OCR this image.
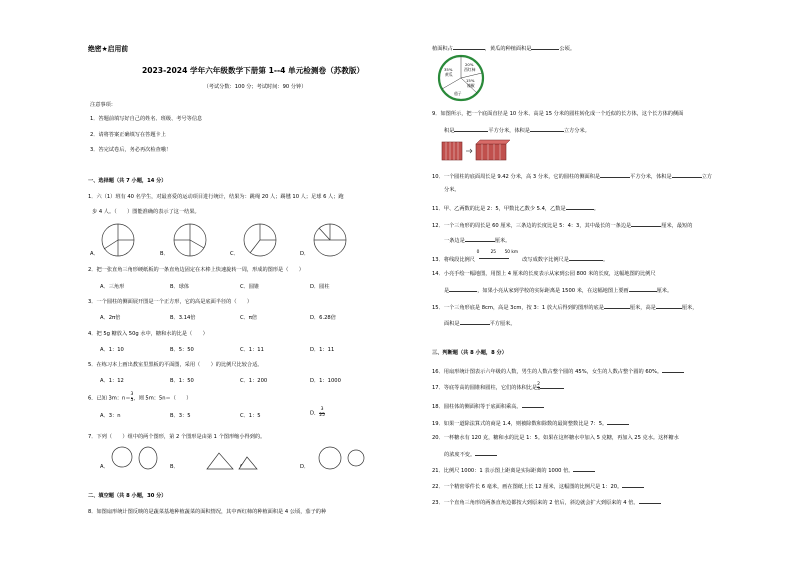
绝密★启用前
2023-2024 学年六年级数学下册第 1--4 单元检测卷（苏教版）
（考试分数：100 分；考试时间：90 分钟）
注意事项：
1．答题前填写好自己的姓名、班级、考号等信息
2．请将答案正确填写在答题卡上
3．答完试卷后，务必再次检查哦！
一、选择题（共 7 小题，14 分）
1．六（1）班有 40 名学生，对最喜爱的运动项目进行统计，结果为：跳绳 20 人；踢毽 10 人；足球 6 人；跑
步 4 人。（　　）图能准确的表示了这一结果。
A．	B．	C．	D．
2．把一张直角三角形硬纸板的一条直角边固定在木棒上快速旋转一周，形成的图形是（　　）
A．三角形	B．球体	C．圆锥	D．圆柱
3．一个圆柱的侧面展开图是一个正方形，它的高是底面半径的（　　）
A．2π倍	B．3.14倍	C．π倍	D．6.28倍
4．把 5g 糖放入 50g 水中，糖和水的比是（　　）
A．1：10	B．5：50	C．1：11	D．1：11
5．在练习本上画出教室里黑板的平面图，采用（　　）的比例尺比较合适。
A．1：12	B．1：50	C．1：200	D．1：1000
6．已知 3m：$n= \frac{3}{5}$ ，则 5m：5n＝（　　）
A．3：n	B．3：5	C．1：5	D． $\frac{3}{25}$
7．下列（　　）组中的两个图形，第 2 个图形是由第 1 个图形缩小得到的。
A．	B．	D．
二、填空题（共 8 小题，30 分）
8．如图扇形统计图反映的是蔬菜基地种植蔬菜的面积情况，其中西红柿的种植面积是 4 公顷，茄子的种
植面积占	，黄瓜的种植面积是	公顷。
35%
黄瓜
20%
西红柿
15%
辣椒
茄子
9．如图所示，把一个底面直径是 10 分米、高是 15 分米的圆柱转化成一个近似的长方体，这个长方体的侧面
积是	平方分米，体积是	立方分米。
10．一个圆柱的底面周长是 9.42 分米，高 3 分米，它的圆柱的侧面积是	平方分米，体积是	立方
分米。
11．甲、乙两数的比是 2：5，甲数比乙数少 5.4，乙数是	。
12．一个三角形的周长是 60 厘米，三条边的长度比是 5：4：3，其中最长的一条边是	厘米，最短的
一条边是	厘米。
13．将线段比例尺
0	25 50 km
改写成数字比例尺是	。
14．小亮手绘一幅地图，用图上 4 厘米的长度表示从家到公园 800 米的长度，这幅地图的比例尺
是	，如果小亮从家到学校的实际距离是 1500 米，在这幅地图上要画	厘米。
15．一个三角形底是 8cm，高是 3cm，按 3：1 放大后得到的图形的底是	厘米，高是	厘米，
面积是	平方厘米。
三、判断题（共 8 小题，8 分）
16．用扇形统计图表示六年级的人数，男生的人数占整个圆的 45%，女生的人数占整个圆的 60%。
17．等底等高的圆锥和圆柱，它们的体积比是 $\frac{2}{3}$
18．圆柱体的侧面积等于底面积乘高。
19．如果一道除法算式的商是 1.4，则被除数和除数的最简整数比是 7：5。
20．一杯糖水有 120 克，糖和水的比是 1：5。如果在这杯糖水中加入 5 克糖，再加入 25 克水。这杯糖水
的浓度不变。
21．比例尺 1000：1 表示图上距离是实际距离的 1000 倍。
22．一个精密零件长 6 毫米，画在图纸上长 12 厘米，这幅图的比例尺是 1：20。
23．一个直角三角形的两条直角边都按大到原来的 2 倍后，斜边就会扩大到原来的 4 倍。
